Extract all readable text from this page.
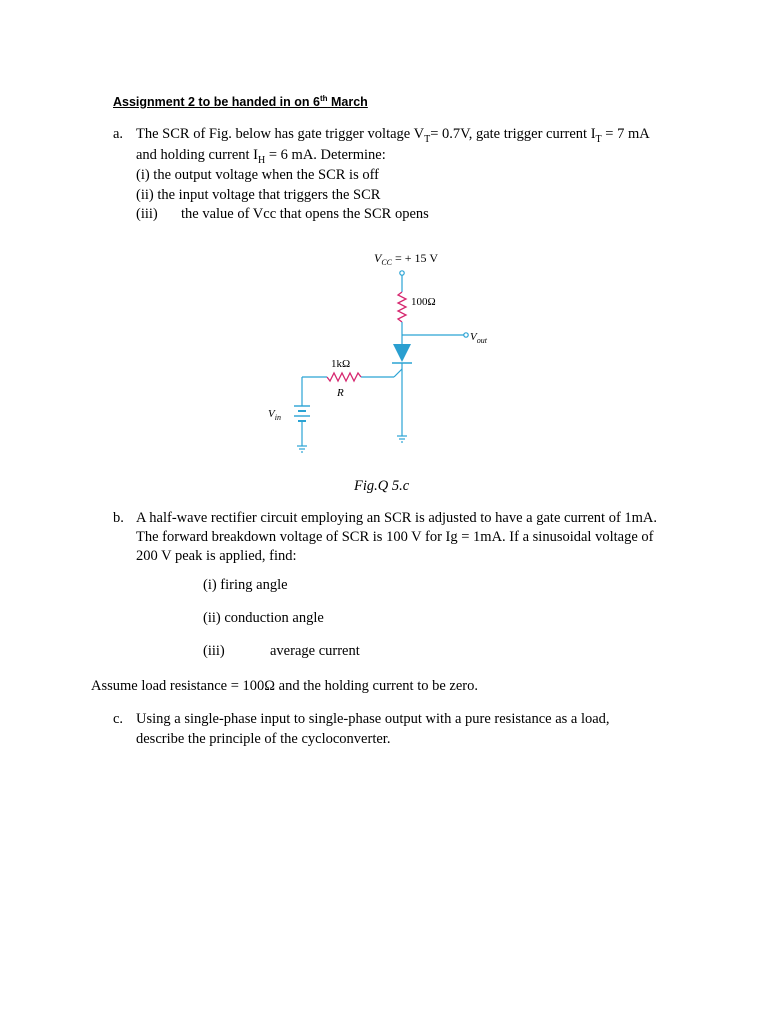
Assignment 2 to be handed in on 6th March
a. The SCR of Fig. below has gate trigger voltage $V_T= 0.7V$, gate trigger current $I_T = 7$ mA
and holding current $I_H = 6$ mA. Determine:
(i) the output voltage when the SCR is off
(ii) the input voltage that triggers the SCR
(iii) the value of Vcc that opens the SCR opens
$V_{CC}$ = + 15 V
100Ω
$V_{out}$
1kΩ
R
$V_{in}$
Fig.Q 5.c
b. A half-wave rectifier circuit employing an SCR is adjusted to have a gate current of 1mA.
The forward breakdown voltage of SCR is 100 V for Ig = 1mA. If a sinusoidal voltage of
200 V peak is applied, find:
(i) firing angle
(ii) conduction angle
(iii)	average current
Assume load resistance = 100Ω and the holding current to be zero.
c. Using a single-phase input to single-phase output with a pure resistance as a load,
describe the principle of the cycloconverter.
